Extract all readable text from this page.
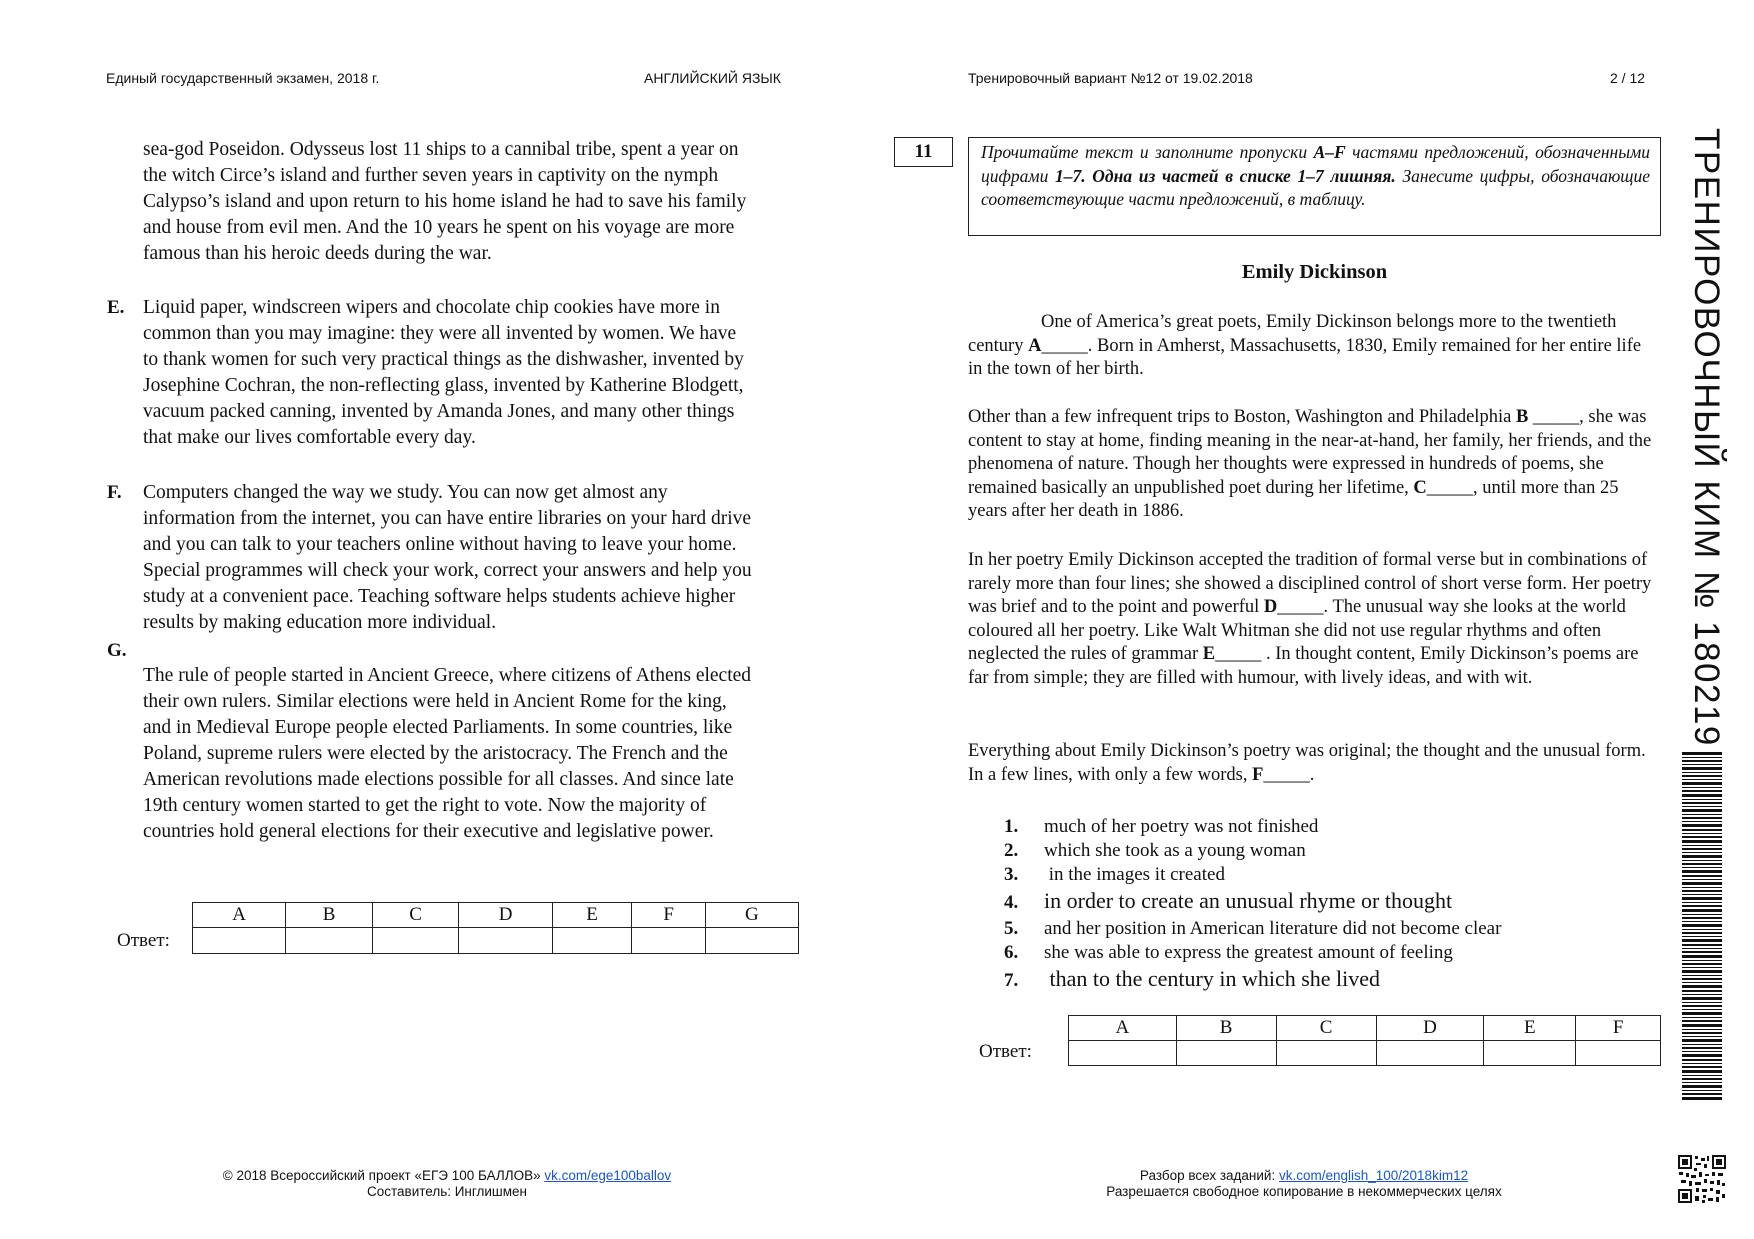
Единый государственный экзамен, 2018 г.	АНГЛИЙСКИЙ ЯЗЫК	Тренировочный вариант №12 от 19.02.2018	2 / 12
sea-god Poseidon. Odysseus lost 11 ships to a cannibal tribe, spent a year on
the witch Circe’s island and further seven years in captivity on the nymph
Calypso’s island and upon return to his home island he had to save his family
and house from evil men. And the 10 years he spent on his voyage are more
famous than his heroic deeds during the war.
E. Liquid paper, windscreen wipers and chocolate chip cookies have more in
common than you may imagine: they were all invented by women. We have
to thank women for such very practical things as the dishwasher, invented by
Josephine Cochran, the non-reflecting glass, invented by Katherine Blodgett,
vacuum packed canning, invented by Amanda Jones, and many other things
that make our lives comfortable every day.
F. Computers changed the way we study. You can now get almost any
information from the internet, you can have entire libraries on your hard drive
and you can talk to your teachers online without having to leave your home.
Special programmes will check your work, correct your answers and help you
study at a convenient pace. Teaching software helps students achieve higher
results by making education more individual.
G.
The rule of people started in Ancient Greece, where citizens of Athens elected
their own rulers. Similar elections were held in Ancient Rome for the king,
and in Medieval Europe people elected Parliaments. In some countries, like
Poland, supreme rulers were elected by the aristocracy. The French and the
American revolutions made elections possible for all classes. And since late
19th century women started to get the right to vote. Now the majority of
countries hold general elections for their executive and legislative power.
Ответ:
A	B	C	D	E	F	G

11	Прочитайте текст и заполните пропуски A–F частями предложений, обозначенными цифрами 1–7. Одна из частей в списке 1–7 лишняя. Занесите цифры, обозначающие соответствующие части предложений, в таблицу.
Emily Dickinson
One of America’s great poets, Emily Dickinson belongs more to the twentieth century A_____. Born in Amherst, Massachusetts, 1830, Emily remained for her entire life in the town of her birth.
Other than a few infrequent trips to Boston, Washington and Philadelphia B _____, she was content to stay at home, finding meaning in the near-at-hand, her family, her friends, and the phenomena of nature. Though her thoughts were expressed in hundreds of poems, she remained basically an unpublished poet during her lifetime, C_____, until more than 25 years after her death in 1886.
In her poetry Emily Dickinson accepted the tradition of formal verse but in combinations of rarely more than four lines; she showed a disciplined control of short verse form. Her poetry was brief and to the point and powerful D_____. The unusual way she looks at the world coloured all her poetry. Like Walt Whitman she did not use regular rhythms and often neglected the rules of grammar E_____ . In thought content, Emily Dickinson’s poems are far from simple; they are filled with humour, with lively ideas, and with wit.
Everything about Emily Dickinson’s poetry was original; the thought and the unusual form. In a few lines, with only a few words, F_____.
1. much of her poetry was not finished
2. which she took as a young woman
3. in the images it created
4. in order to create an unusual rhyme or thought
5. and her position in American literature did not become clear
6. she was able to express the greatest amount of feeling
7. than to the century in which she lived
Ответ:
A	B	C	D	E	F

ТРЕНИРОВОЧНЫЙ КИМ № 180219
© 2018 Всероссийский проект «ЕГЭ 100 БАЛЛОВ» vk.com/ege100ballov
Составитель: Инглишмен
Разбор всех заданий: vk.com/english_100/2018kim12
Разрешается свободное копирование в некоммерческих целях
